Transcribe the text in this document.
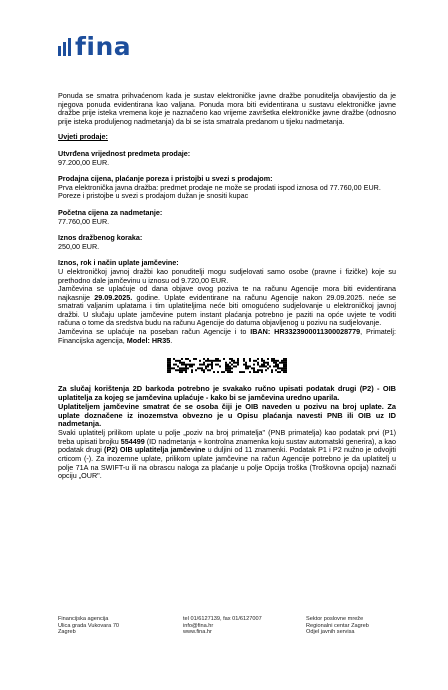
fina

Ponuda se smatra prihvaćenom kada je sustav elektroničke javne dražbe ponuditelja obavijestio da je njegova ponuda evidentirana kao valjana. Ponuda mora biti evidentirana u sustavu elektroničke javne dražbe prije isteka vremena koje je naznačeno kao vrijeme završetka elektroničke javne dražbe (odnosno prije isteka produljenog nadmetanja) da bi se ista smatrala predanom u tijeku nadmetanja.

Uvjeti prodaje:

Utvrđena vrijednost predmeta prodaje:

97.200,00 EUR.

Prodajna cijena, plaćanje poreza i pristojbi u svezi s prodajom:

Prva elektronička javna dražba: predmet prodaje ne može se prodati ispod iznosa od 77.760,00 EUR.

Poreze i pristojbe u svezi s prodajom dužan je snositi kupac

Početna cijena za nadmetanje:

77.760,00 EUR.

Iznos dražbenog koraka:

250,00 EUR.

Iznos, rok i način uplate jamčevine:

U elektroničkoj javnoj dražbi kao ponuditelji mogu sudjelovati samo osobe (pravne i fizičke) koje su prethodno dale jamčevinu u iznosu od 9.720,00 EUR.

Jamčevina se uplaćuje od dana objave ovog poziva te na računu Agencije mora biti evidentirana najkasnije 29.09.2025. godine. Uplate evidentirane na računu Agencije nakon 29.09.2025. neće se smatrati valjanim uplatama i tim uplatiteljima neće biti omogućeno sudjelovanje u elektroničkoj javnoj dražbi. U slučaju uplate jamčevine putem instant plaćanja potrebno je paziti na opće uvjete te voditi računa o tome da sredstva budu na računu Agencije do datuma objavljenog u pozivu na sudjelovanje.

Jamčevina se uplaćuje na poseban račun Agencije i to IBAN: HR3323900011300028779, Primatelj: Financijska agencija, Model: HR35.

Za slučaj korištenja 2D barkoda potrebno je svakako ručno upisati podatak drugi (P2) - OIB uplatitelja za kojeg se jamčevina uplaćuje - kako bi se jamčevina uredno uparila.

Uplatiteljem jamčevine smatrat će se osoba čiji je OIB naveden u pozivu na broj uplate. Za uplate doznačene iz inozemstva obvezno je u Opisu plaćanja navesti PNB ili OIB uz ID nadmetanja.

Svaki uplatitelj prilikom uplate u polje „poziv na broj primatelja" (PNB primatelja) kao podatak prvi (P1) treba upisati brojku 554499 (ID nadmetanja + kontrolna znamenka koju sustav automatski generira), a kao podatak drugi (P2) OIB uplatitelja jamčevine u duljini od 11 znamenki. Podatak P1 i P2 nužno je odvojiti crticom (-). Za inozemne uplate, prilikom uplate jamčevine na račun Agencije potrebno je da uplatitelj u polje 71A na SWIFT-u ili na obrascu naloga za plaćanje u polje Opcija troška (Troškovna opcija) naznači opciju „OUR".

Financijska agencija

Ulica grada Vukovara 70

Zagreb

tel 01/6127139, fax 01/6127007

info@fina.hr

www.fina.hr

Sektor poslovne mreže

Regionalni centar Zagreb

Odjel javnih servisa
